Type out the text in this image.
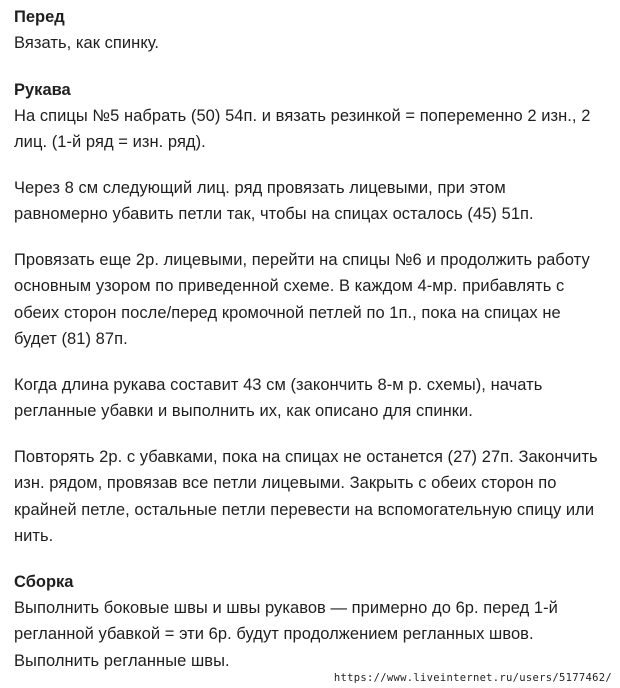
Перед

Вязать, как спинку.

Рукава

На спицы №5 набрать (50) 54п. и вязать резинкой = попеременно 2 изн., 2
лиц. (1-й ряд = изн. ряд).

Через 8 см следующий лиц. ряд провязать лицевыми, при этом
равномерно убавить петли так, чтобы на спицах осталось (45) 51п.

Провязать еще 2р. лицевыми, перейти на спицы №6 и продолжить работу
основным узором по приведенной схеме. В каждом 4-мр. прибавлять с
обеих сторон после/перед кромочной петлей по 1п., пока на спицах не
будет (81) 87п.

Когда длина рукава составит 43 см (закончить 8-м р. схемы), начать
регланные убавки и выполнить их, как описано для спинки.

Повторять 2р. с убавками, пока на спицах не останется (27) 27п. Закончить
изн. рядом, провязав все петли лицевыми. Закрыть с обеих сторон по
крайней петле, остальные петли перевести на вспомогательную спицу или
нить.

Сборка

Выполнить боковые швы и швы рукавов — примерно до 6р. перед 1-й
регланной убавкой = эти 6р. будут продолжением регланных швов.
Выполнить регланные швы.

https://www.liveinternet.ru/users/5177462/
